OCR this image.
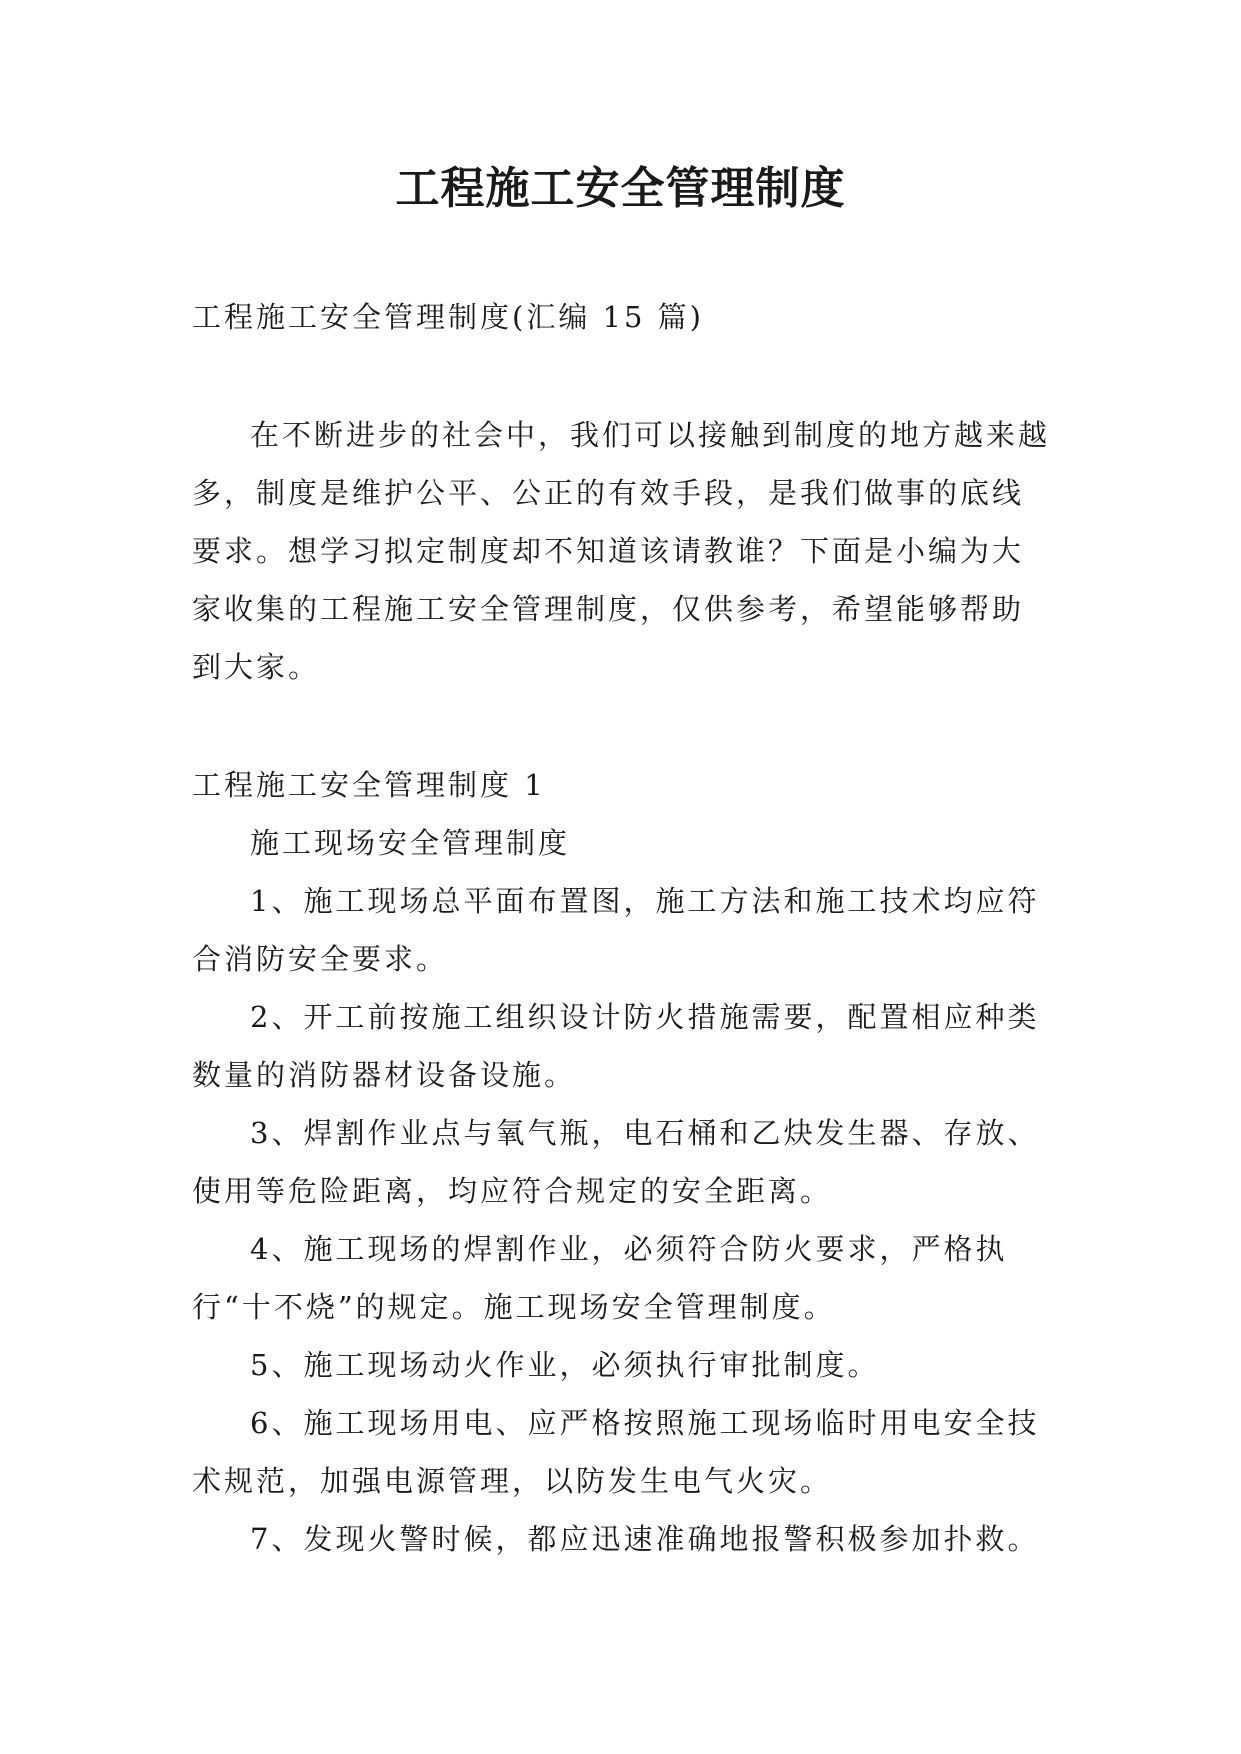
工程施工安全管理制度

工程施工安全管理制度(汇编 15 篇)

在不断进步的社会中，我们可以接触到制度的地方越来越多，制度是维护公平、公正的有效手段，是我们做事的底线要求。想学习拟定制度却不知道该请教谁？下面是小编为大家收集的工程施工安全管理制度，仅供参考，希望能够帮助到大家。

工程施工安全管理制度 1
施工现场安全管理制度
1、施工现场总平面布置图，施工方法和施工技术均应符合消防安全要求。
2、开工前按施工组织设计防火措施需要，配置相应种类数量的消防器材设备设施。
3、焊割作业点与氧气瓶，电石桶和乙炔发生器、存放、使用等危险距离，均应符合规定的安全距离。
4、施工现场的焊割作业，必须符合防火要求，严格执行“十不烧”的规定。施工现场安全管理制度。
5、施工现场动火作业，必须执行审批制度。
6、施工现场用电、应严格按照施工现场临时用电安全技术规范，加强电源管理，以防发生电气火灾。
7、发现火警时候，都应迅速准确地报警积极参加扑救。
